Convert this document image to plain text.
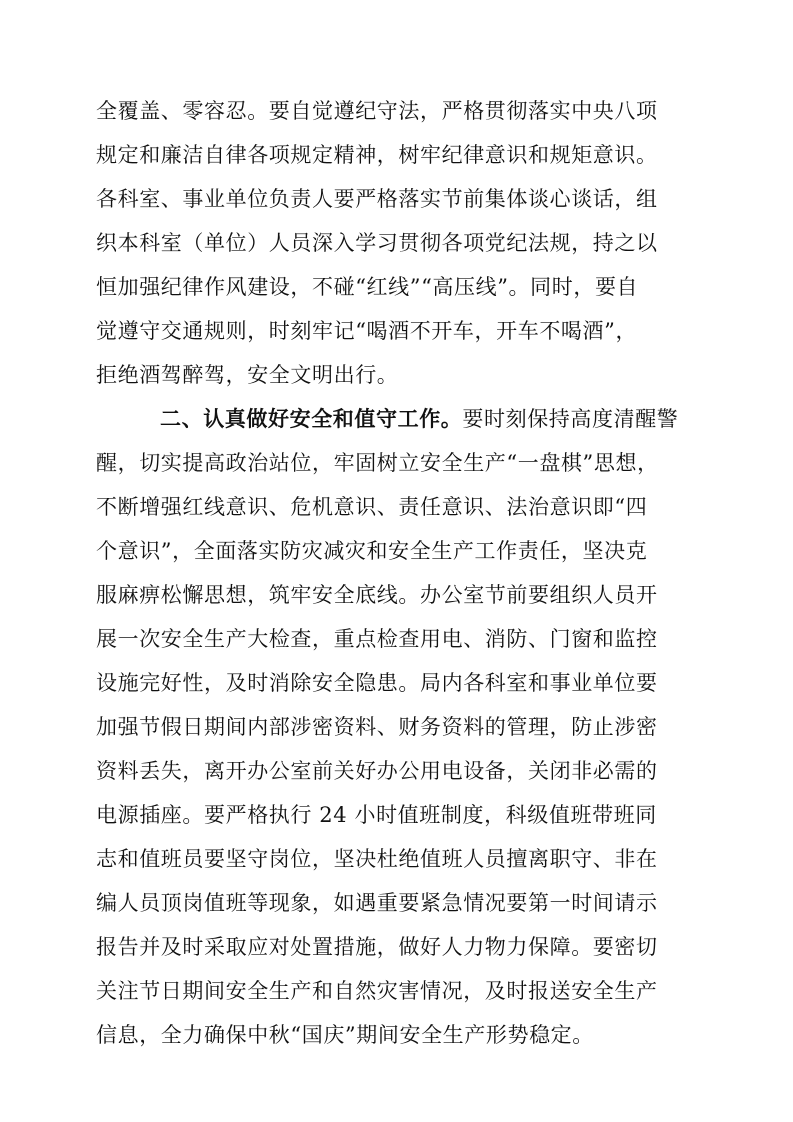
全覆盖、零容忍。要自觉遵纪守法，严格贯彻落实中央八项
规定和廉洁自律各项规定精神，树牢纪律意识和规矩意识。
各科室、事业单位负责人要严格落实节前集体谈心谈话，组
织本科室（单位）人员深入学习贯彻各项党纪法规，持之以
恒加强纪律作风建设，不碰“红线”“高压线”。同时，要自
觉遵守交通规则，时刻牢记“喝酒不开车，开车不喝酒”，
拒绝酒驾醉驾，安全文明出行。
二、认真做好安全和值守工作。要时刻保持高度清醒警
醒，切实提高政治站位，牢固树立安全生产“一盘棋”思想，
不断增强红线意识、危机意识、责任意识、法治意识即“四
个意识”，全面落实防灾减灾和安全生产工作责任，坚决克
服麻痹松懈思想，筑牢安全底线。办公室节前要组织人员开
展一次安全生产大检查，重点检查用电、消防、门窗和监控
设施完好性，及时消除安全隐患。局内各科室和事业单位要
加强节假日期间内部涉密资料、财务资料的管理，防止涉密
资料丢失，离开办公室前关好办公用电设备，关闭非必需的
电源插座。要严格执行 24 小时值班制度，科级值班带班同
志和值班员要坚守岗位，坚决杜绝值班人员擅离职守、非在
编人员顶岗值班等现象，如遇重要紧急情况要第一时间请示
报告并及时采取应对处置措施，做好人力物力保障。要密切
关注节日期间安全生产和自然灾害情况，及时报送安全生产
信息，全力确保中秋“国庆”期间安全生产形势稳定。
